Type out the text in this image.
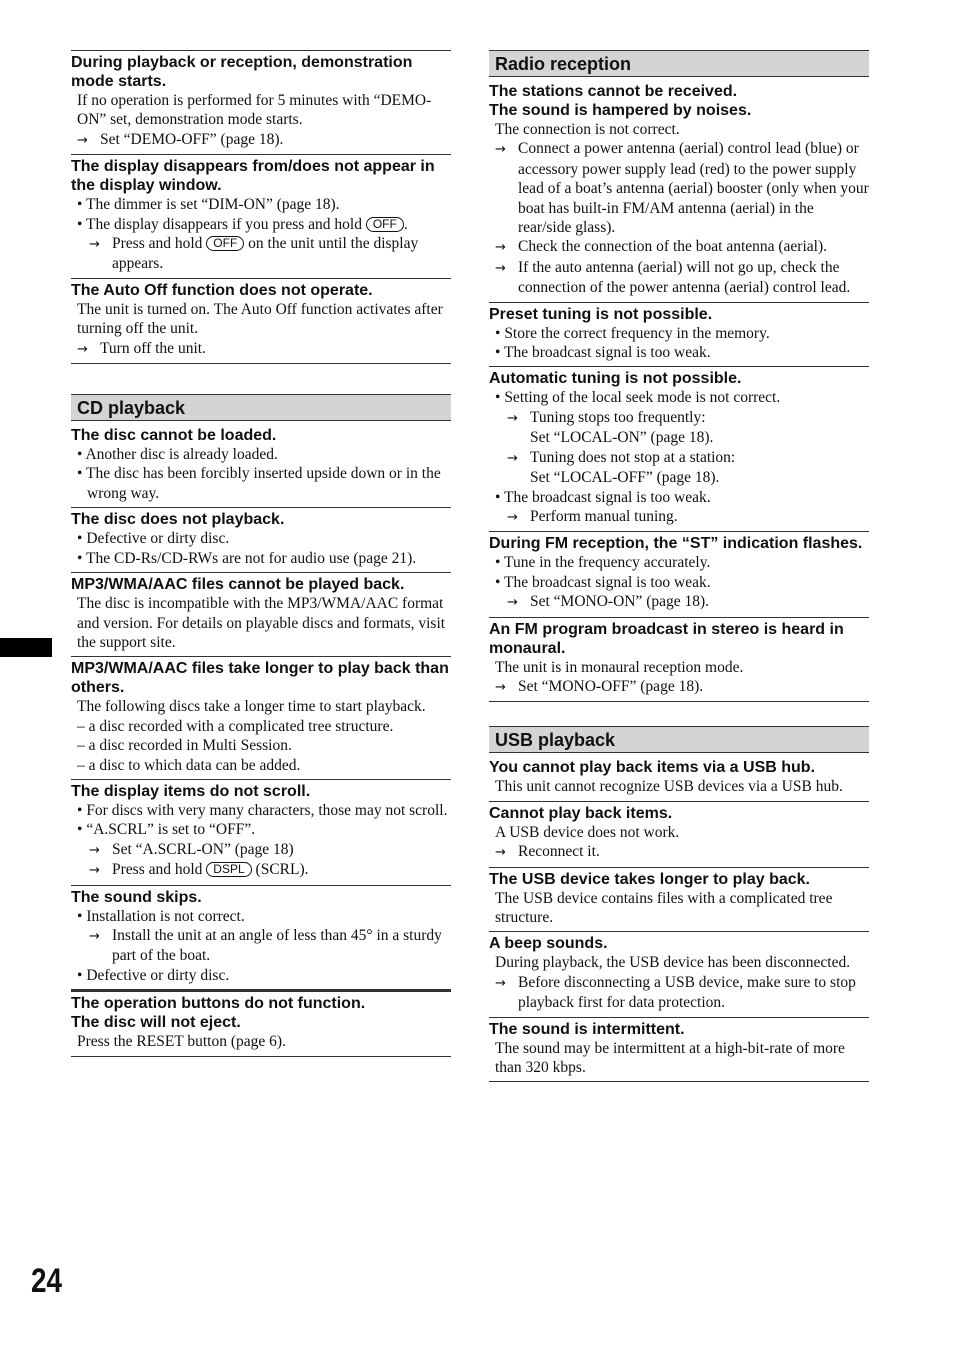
During playback or reception, demonstration mode starts.
If no operation is performed for 5 minutes with “DEMO-ON” set, demonstration mode starts.
→ Set “DEMO-OFF” (page 18).
The display disappears from/does not appear in the display window.
• The dimmer is set “DIM-ON” (page 18).
• The display disappears if you press and hold OFF .
→ Press and hold OFF on the unit until the display appears.
The Auto Off function does not operate.
The unit is turned on. The Auto Off function activates after turning off the unit.
→ Turn off the unit.
CD playback
The disc cannot be loaded.
• Another disc is already loaded.
• The disc has been forcibly inserted upside down or in the wrong way.
The disc does not playback.
• Defective or dirty disc.
• The CD-Rs/CD-RWs are not for audio use (page 21).
MP3/WMA/AAC files cannot be played back.
The disc is incompatible with the MP3/WMA/AAC format and version. For details on playable discs and formats, visit the support site.
MP3/WMA/AAC files take longer to play back than others.
The following discs take a longer time to start playback.
– a disc recorded with a complicated tree structure.
– a disc recorded in Multi Session.
– a disc to which data can be added.
The display items do not scroll.
• For discs with very many characters, those may not scroll.
• “A.SCRL” is set to “OFF”.
→ Set “A.SCRL-ON” (page 18)
→ Press and hold DSPL (SCRL).
The sound skips.
• Installation is not correct.
→ Install the unit at an angle of less than 45° in a sturdy part of the boat.
• Defective or dirty disc.
The operation buttons do not function.
The disc will not eject.
Press the RESET button (page 6).
Radio reception
The stations cannot be received.
The sound is hampered by noises.
The connection is not correct.
→ Connect a power antenna (aerial) control lead (blue) or accessory power supply lead (red) to the power supply lead of a boat’s antenna (aerial) booster (only when your boat has built-in FM/AM antenna (aerial) in the rear/side glass).
→ Check the connection of the boat antenna (aerial).
→ If the auto antenna (aerial) will not go up, check the connection of the power antenna (aerial) control lead.
Preset tuning is not possible.
• Store the correct frequency in the memory.
• The broadcast signal is too weak.
Automatic tuning is not possible.
• Setting of the local seek mode is not correct.
→ Tuning stops too frequently:
Set “LOCAL-ON” (page 18).
→ Tuning does not stop at a station:
Set “LOCAL-OFF” (page 18).
• The broadcast signal is too weak.
→ Perform manual tuning.
During FM reception, the “ST” indication flashes.
• Tune in the frequency accurately.
• The broadcast signal is too weak.
→ Set “MONO-ON” (page 18).
An FM program broadcast in stereo is heard in monaural.
The unit is in monaural reception mode.
→ Set “MONO-OFF” (page 18).
USB playback
You cannot play back items via a USB hub.
This unit cannot recognize USB devices via a USB hub.
Cannot play back items.
A USB device does not work.
→ Reconnect it.
The USB device takes longer to play back.
The USB device contains files with a complicated tree structure.
A beep sounds.
During playback, the USB device has been disconnected.
→ Before disconnecting a USB device, make sure to stop playback first for data protection.
The sound is intermittent.
The sound may be intermittent at a high-bit-rate of more than 320 kbps.
24
